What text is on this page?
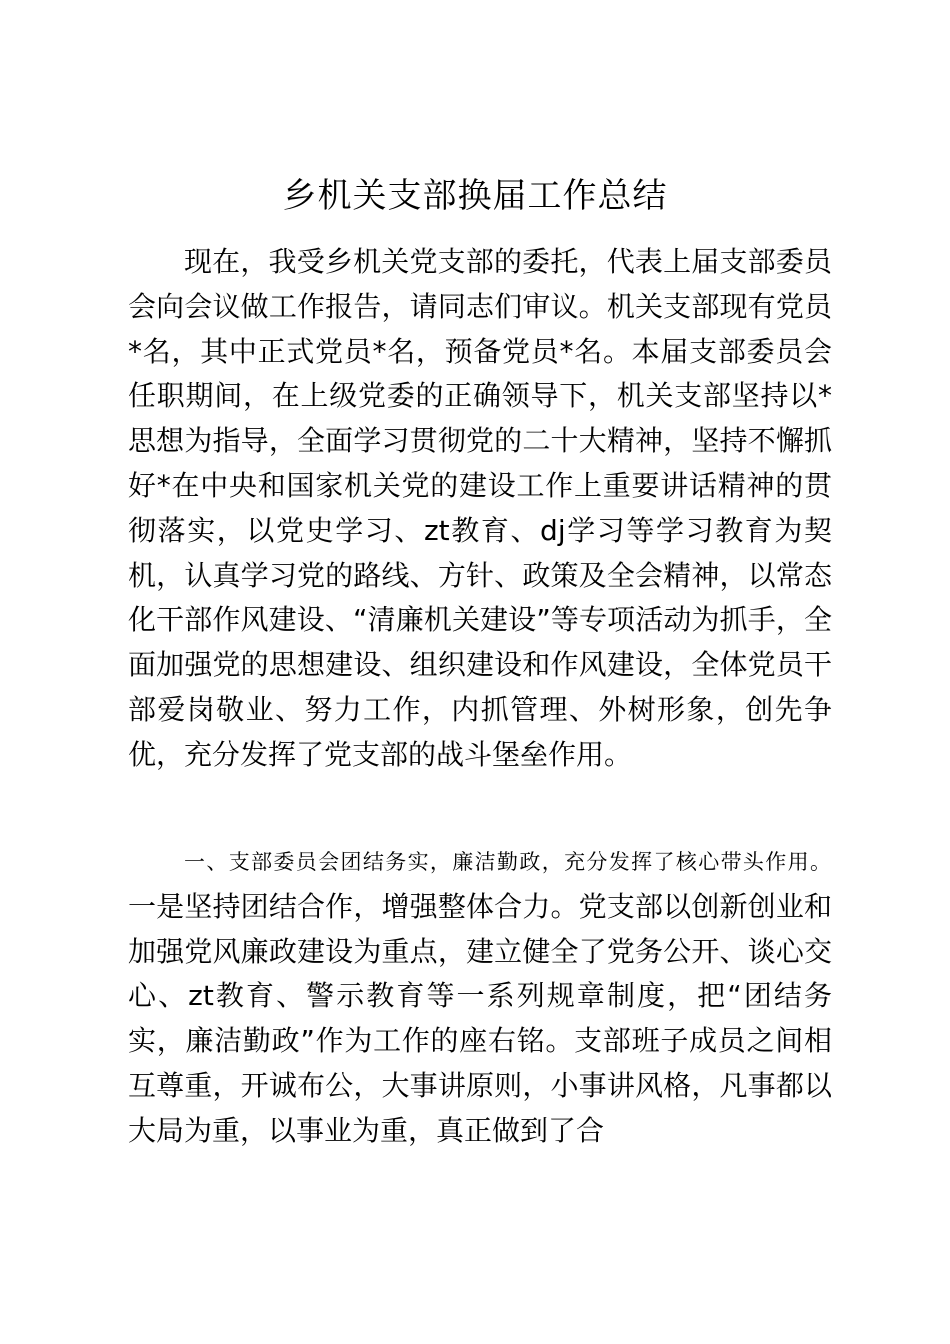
乡机关支部换届工作总结

现在，我受乡机关党支部的委托，代表上届支部委员会向会议做工作报告，请同志们审议。机关支部现有党员*名，其中正式党员*名，预备党员*名。本届支部委员会任职期间，在上级党委的正确领导下，机关支部坚持以*思想为指导，全面学习贯彻党的二十大精神，坚持不懈抓好*在中央和国家机关党的建设工作上重要讲话精神的贯彻落实，以党史学习、zt教育、dj学习等学习教育为契机，认真学习党的路线、方针、政策及全会精神，以常态化干部作风建设、“清廉机关建设”等专项活动为抓手，全面加强党的思想建设、组织建设和作风建设，全体党员干部爱岗敬业、努力工作，内抓管理、外树形象，创先争优，充分发挥了党支部的战斗堡垒作用。

一、支部委员会团结务实，廉洁勤政，充分发挥了核心带头作用。一是坚持团结合作，增强整体合力。党支部以创新创业和加强党风廉政建设为重点，建立健全了党务公开、谈心交心、zt教育、警示教育等一系列规章制度，把“团结务实，廉洁勤政”作为工作的座右铭。支部班子成员之间相互尊重，开诚布公，大事讲原则，小事讲风格，凡事都以大局为重，以事业为重，真正做到了合
